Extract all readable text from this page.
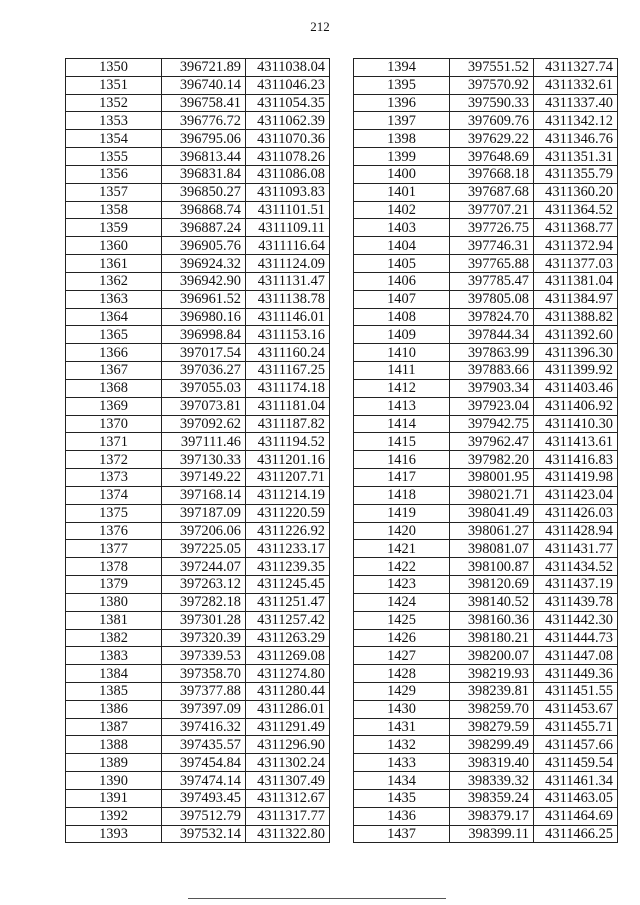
212
1350	396721.89	4311038.04
1351	396740.14	4311046.23
1352	396758.41	4311054.35
1353	396776.72	4311062.39
1354	396795.06	4311070.36
1355	396813.44	4311078.26
1356	396831.84	4311086.08
1357	396850.27	4311093.83
1358	396868.74	4311101.51
1359	396887.24	4311109.11
1360	396905.76	4311116.64
1361	396924.32	4311124.09
1362	396942.90	4311131.47
1363	396961.52	4311138.78
1364	396980.16	4311146.01
1365	396998.84	4311153.16
1366	397017.54	4311160.24
1367	397036.27	4311167.25
1368	397055.03	4311174.18
1369	397073.81	4311181.04
1370	397092.62	4311187.82
1371	397111.46	4311194.52
1372	397130.33	4311201.16
1373	397149.22	4311207.71
1374	397168.14	4311214.19
1375	397187.09	4311220.59
1376	397206.06	4311226.92
1377	397225.05	4311233.17
1378	397244.07	4311239.35
1379	397263.12	4311245.45
1380	397282.18	4311251.47
1381	397301.28	4311257.42
1382	397320.39	4311263.29
1383	397339.53	4311269.08
1384	397358.70	4311274.80
1385	397377.88	4311280.44
1386	397397.09	4311286.01
1387	397416.32	4311291.49
1388	397435.57	4311296.90
1389	397454.84	4311302.24
1390	397474.14	4311307.49
1391	397493.45	4311312.67
1392	397512.79	4311317.77
1393	397532.14	4311322.80
1394	397551.52	4311327.74
1395	397570.92	4311332.61
1396	397590.33	4311337.40
1397	397609.76	4311342.12
1398	397629.22	4311346.76
1399	397648.69	4311351.31
1400	397668.18	4311355.79
1401	397687.68	4311360.20
1402	397707.21	4311364.52
1403	397726.75	4311368.77
1404	397746.31	4311372.94
1405	397765.88	4311377.03
1406	397785.47	4311381.04
1407	397805.08	4311384.97
1408	397824.70	4311388.82
1409	397844.34	4311392.60
1410	397863.99	4311396.30
1411	397883.66	4311399.92
1412	397903.34	4311403.46
1413	397923.04	4311406.92
1414	397942.75	4311410.30
1415	397962.47	4311413.61
1416	397982.20	4311416.83
1417	398001.95	4311419.98
1418	398021.71	4311423.04
1419	398041.49	4311426.03
1420	398061.27	4311428.94
1421	398081.07	4311431.77
1422	398100.87	4311434.52
1423	398120.69	4311437.19
1424	398140.52	4311439.78
1425	398160.36	4311442.30
1426	398180.21	4311444.73
1427	398200.07	4311447.08
1428	398219.93	4311449.36
1429	398239.81	4311451.55
1430	398259.70	4311453.67
1431	398279.59	4311455.71
1432	398299.49	4311457.66
1433	398319.40	4311459.54
1434	398339.32	4311461.34
1435	398359.24	4311463.05
1436	398379.17	4311464.69
1437	398399.11	4311466.25
